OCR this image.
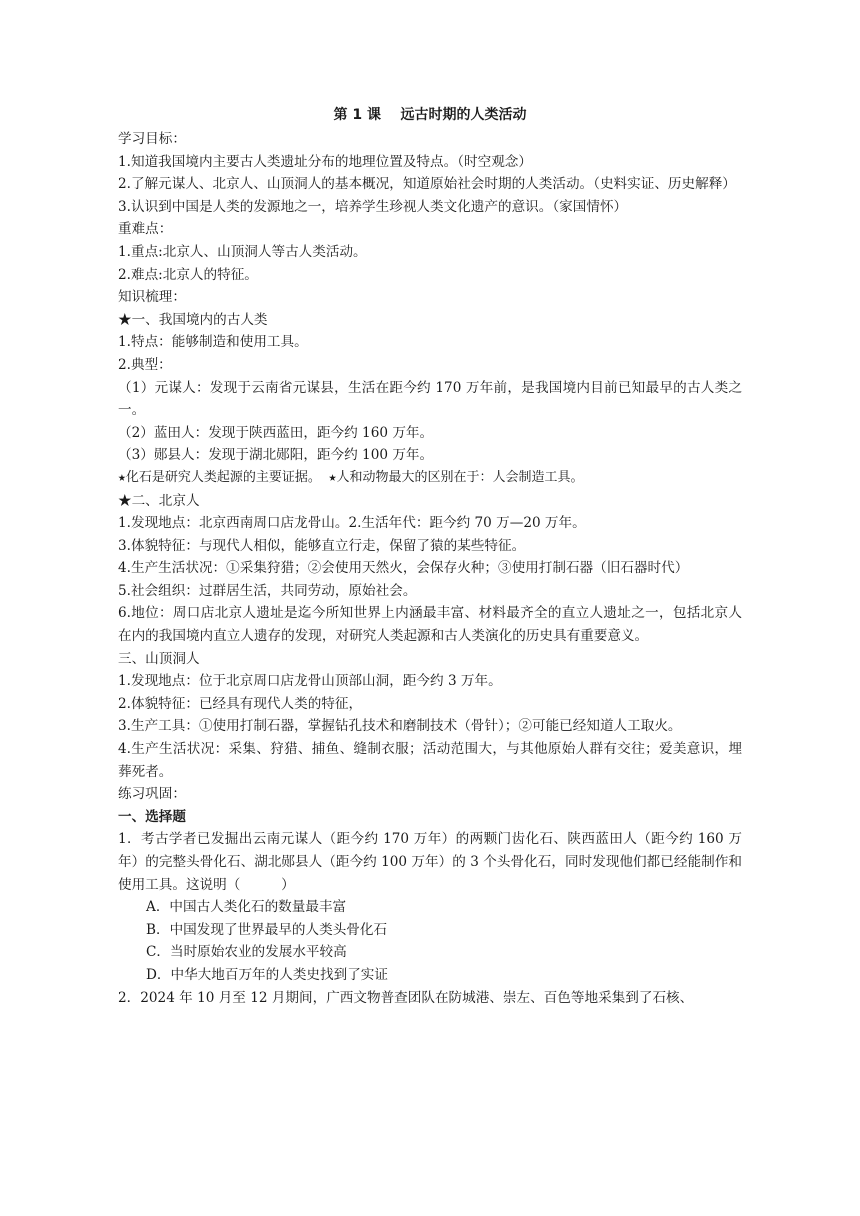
第 1 课    远古时期的人类活动

学习目标：

1.知道我国境内主要古人类遗址分布的地理位置及特点。（时空观念）

2.了解元谋人、北京人、山顶洞人的基本概况，知道原始社会时期的人类活动。（史料实证、历史解释）

3.认识到中国是人类的发源地之一，培养学生珍视人类文化遗产的意识。（家国情怀）

重难点：

1.重点:北京人、山顶洞人等古人类活动。

2.难点:北京人的特征。

知识梳理：

★一、我国境内的古人类

1.特点：能够制造和使用工具。

2.典型：

（1）元谋人：发现于云南省元谋县，生活在距今约 170 万年前，是我国境内目前已知最早的古人类之一。

（2）蓝田人：发现于陕西蓝田，距今约 160 万年。

（3）郧县人：发现于湖北郧阳，距今约 100 万年。

★化石是研究人类起源的主要证据。 ★人和动物最大的区别在于：人会制造工具。

★二、北京人

1.发现地点：北京西南周口店龙骨山。2.生活年代：距今约 70 万—20 万年。

3.体貌特征：与现代人相似，能够直立行走，保留了猿的某些特征。

4.生产生活状况：①采集狩猎；②会使用天然火，会保存火种；③使用打制石器（旧石器时代）

5.社会组织：过群居生活，共同劳动，原始社会。

6.地位：周口店北京人遗址是迄今所知世界上内涵最丰富、材料最齐全的直立人遗址之一，包括北京人在内的我国境内直立人遗存的发现，对研究人类起源和古人类演化的历史具有重要意义。

三、山顶洞人

1.发现地点：位于北京周口店龙骨山顶部山洞，距今约 3 万年。

2.体貌特征：已经具有现代人类的特征，

3.生产工具：①使用打制石器，掌握钻孔技术和磨制技术（骨针）；②可能已经知道人工取火。

4.生产生活状况：采集、狩猎、捕鱼、缝制衣服；活动范围大，与其他原始人群有交往；爱美意识，埋葬死者。

练习巩固：

一、选择题

1．考古学者已发掘出云南元谋人（距今约 170 万年）的两颗门齿化石、陕西蓝田人（距今约 160 万年）的完整头骨化石、湖北郧县人（距今约 100 万年）的 3 个头骨化石，同时发现他们都已经能制作和使用工具。这说明（　　　）

A．中国古人类化石的数量最丰富

B．中国发现了世界最早的人类头骨化石

C．当时原始农业的发展水平较高

D．中华大地百万年的人类史找到了实证

2．2024 年 10 月至 12 月期间，广西文物普查团队在防城港、崇左、百色等地采集到了石核、
